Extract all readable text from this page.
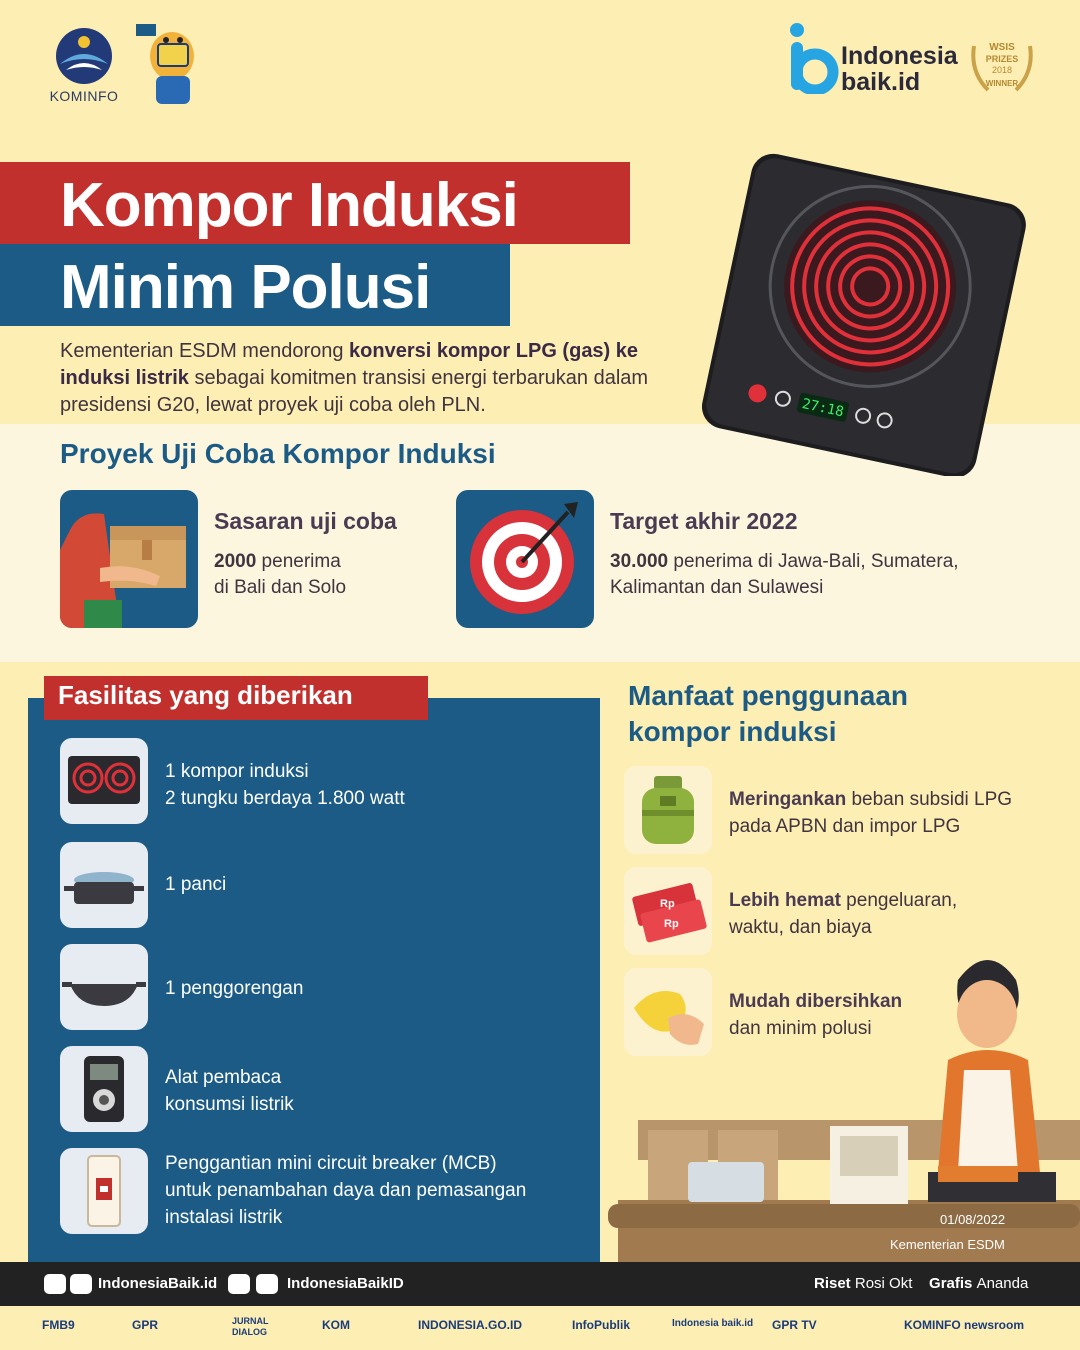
KOMINFO
Indonesia
baik.id
WSIS
PRIZES
2018
WINNER
Kompor Induksi
Minim Polusi
Kementerian ESDM mendorong konversi kompor LPG (gas) ke induksi listrik sebagai komitmen transisi energi terbarukan dalam presidensi G20, lewat proyek uji coba oleh PLN.	27:18
Proyek Uji Coba Kompor Induksi
Sasaran uji coba
2000 penerima
di Bali dan Solo
Target akhir 2022
30.000 penerima di Jawa-Bali, Sumatera,
Kalimantan dan Sulawesi
Fasilitas yang diberikan
1 kompor induksi
2 tungku berdaya 1.800 watt
1 panci
1 penggorengan
Alat pembaca
konsumsi listrik
Penggantian mini circuit breaker (MCB)
untuk penambahan daya dan pemasangan
instalasi listrik
Manfaat penggunaan
kompor induksi
Meringankan beban subsidi LPG
pada APBN dan impor LPG
Rp
Rp
Lebih hemat pengeluaran,
waktu, dan biaya
Mudah dibersihkan
dan minim polusi
01/08/2022
Kementerian ESDM
IndonesiaBaik.id	IndonesiaBaikID	Riset Rosi Okt Grafis Ananda
FMB9	GPR	JURNAL DIALOG	KOM	INDONESIA.GO.ID	InfoPublik	Indonesia baik.id GPR TV	KOMINFO newsroom
